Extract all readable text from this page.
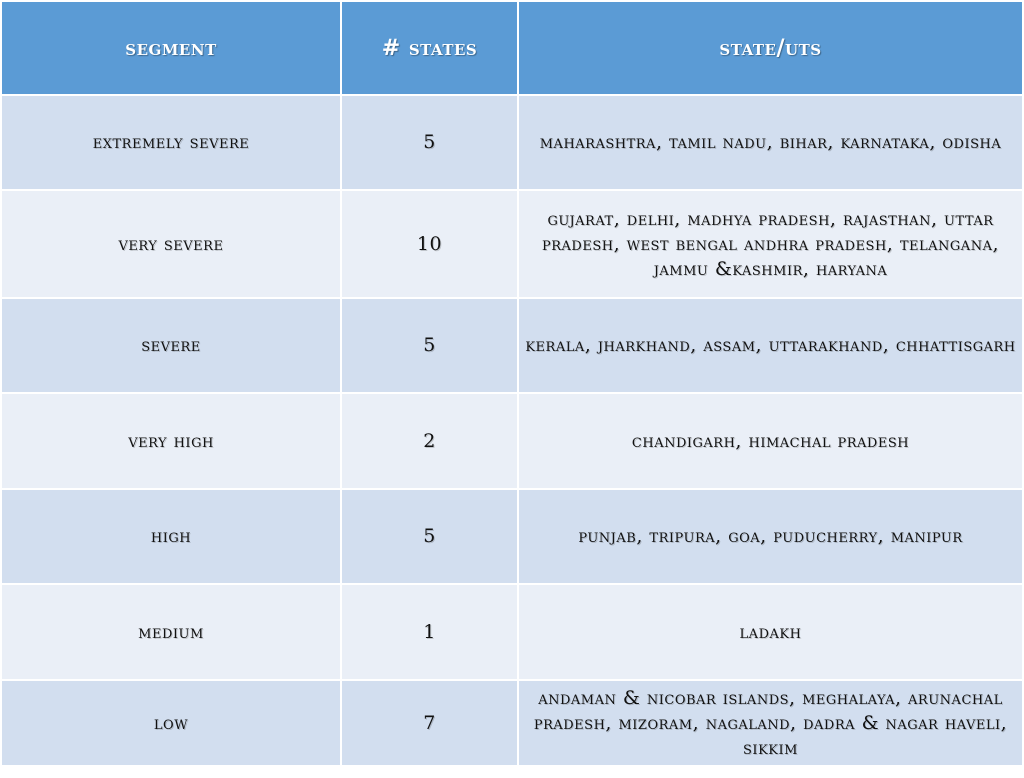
segment	# states	state/uts
extremely severe	5	maharashtra, tamil nadu, bihar, karnataka, odisha
very severe	10	gujarat, delhi, madhya pradesh, rajasthan, uttar pradesh, west bengal andhra pradesh, telangana, jammu &kashmir, haryana
severe	5	kerala, jharkhand, assam, uttarakhand, chhattisgarh
very high	2	chandigarh, himachal pradesh
high	5	punjab, tripura, goa, puducherry, manipur
medium	1	ladakh
low	7	andaman & nicobar islands, meghalaya, arunachal pradesh, mizoram, nagaland, dadra & nagar haveli, sikkim
